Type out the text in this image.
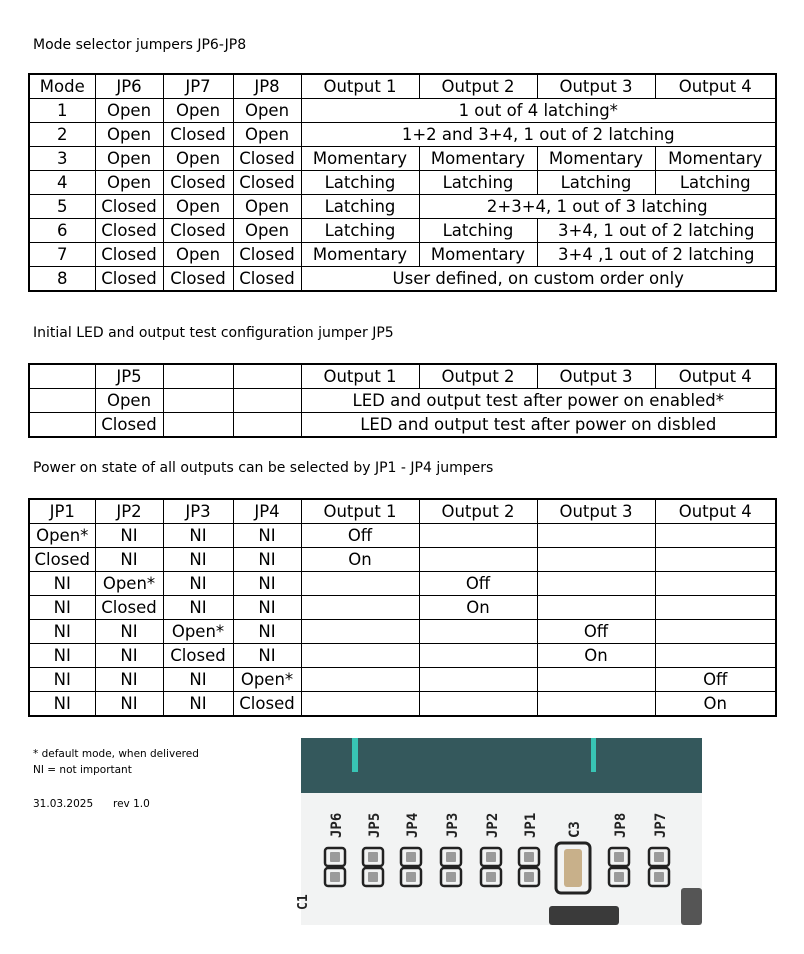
Mode selector jumpers JP6-JP8
Mode	JP6	JP7	JP8	Output 1	Output 2	Output 3	Output 4
1	Open	Open	Open	1 out of 4 latching*			
2	Open	Closed	Open	1+2 and 3+4, 1 out of 2 latching			
3	Open	Open	Closed	Momentary	Momentary	Momentary	Momentary
4	Open	Closed	Closed	Latching	Latching	Latching	Latching
5	Closed	Open	Open	Latching	2+3+4, 1 out of 3 latching		
6	Closed	Closed	Open	Latching	Latching	3+4, 1 out of 2 latching	
7	Closed	Open	Closed	Momentary	Momentary	3+4 ,1 out of 2 latching	
8	Closed	Closed	Closed	User defined, on custom order only			
Initial LED and output test configuration jumper JP5
	JP5			Output 1	Output 2	Output 3	Output 4
	Open			LED and output test after power on enabled*			
	Closed			LED and output test after power on disbled			
Power on state of all outputs can be selected by JP1 - JP4 jumpers
JP1	JP2	JP3	JP4	Output 1	Output 2	Output 3	Output 4
Open*	NI	NI	NI	Off			
Closed	NI	NI	NI	On			
NI	Open*	NI	NI		Off		
NI	Closed	NI	NI		On		
NI	NI	Open*	NI			Off	
NI	NI	Closed	NI			On	
NI	NI	NI	Open*				Off
NI	NI	NI	Closed				On
* default mode, when delivered
NI = not important
31.03.2025 rev 1.0
C1
JP6 JP5 JP4 JP3 JP2 JP1 C3 JP8 JP7
